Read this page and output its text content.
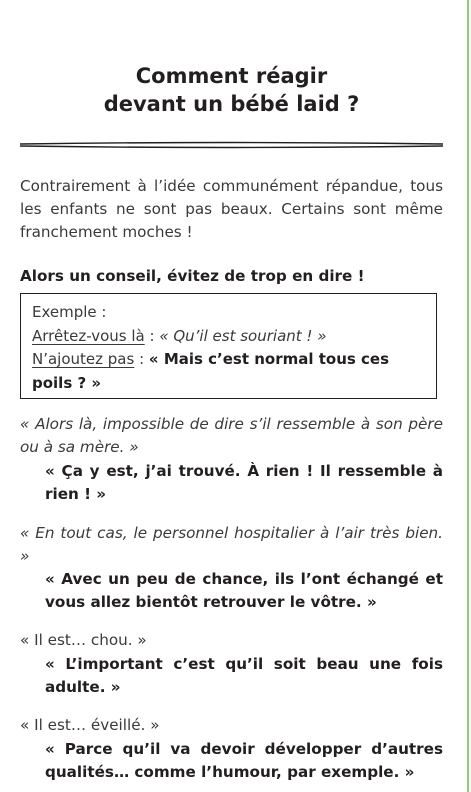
Comment réagir
devant un bébé laid ?
Contrairement à l’idée communément répandue, tous les enfants ne sont pas beaux. Certains sont même franchement moches !
Alors un conseil, évitez de trop en dire !
Exemple :
Arrêtez-vous là : « Qu’il est souriant ! »
N’ajoutez pas : « Mais c’est normal tous ces poils ? »
« Alors là, impossible de dire s’il ressemble à son père ou à sa mère. »
« Ça y est, j’ai trouvé. À rien ! Il ressemble à rien ! »
« En tout cas, le personnel hospitalier à l’air très bien. »
« Avec un peu de chance, ils l’ont échangé et vous allez bientôt retrouver le vôtre. »
« Il est… chou. »
« L’important c’est qu’il soit beau une fois adulte. »
« Il est… éveillé. »
« Parce qu’il va devoir développer d’autres qualités… comme l’humour, par exemple. »
